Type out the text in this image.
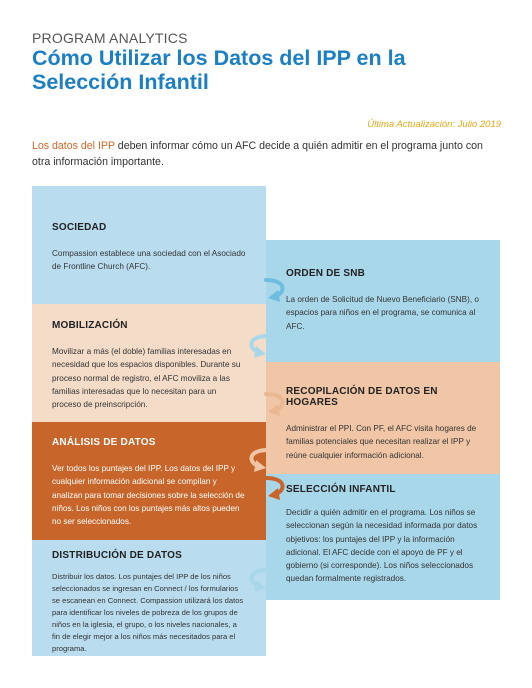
PROGRAM ANALYTICS
Cómo Utilizar los Datos del IPP en la Selección Infantil
Última Actualización: Julio 2019
Los datos del IPP deben informar cómo un AFC decide a quién admitir en el programa junto con otra información importante.
SOCIEDAD

Compassion establece una sociedad con el Asociado de Frontline Church (AFC).

ORDEN DE SNB

La orden de Solicitud de Nuevo Beneficiario (SNB), o espacios para niños en el programa, se comunica al AFC.

MOBILIZACIÓN

Movilizar a más (el doble) familias interesadas en necesidad que los espacios disponibles. Durante su proceso normal de registro, el AFC moviliza a las familias interesadas que lo necesitan para un proceso de preinscripción.

RECOPILACIÓN DE DATOS EN HOGARES

Administrar el PPI. Con PF, el AFC visita hogares de familias potenciales que necesitan realizar el IPP y reúne cualquier información adicional.

ANÁLISIS DE DATOS

Ver todos los puntajes del IPP. Los datos del IPP y cualquier información adicional se compilan y analizan para tomar decisiones sobre la selección de niños. Los niños con los puntajes más altos pueden no ser seleccionados.

SELECCIÓN INFANTIL

Decidir a quién admitir en el programa. Los niños se seleccionan según la necesidad informada por datos objetivos: los puntajes del IPP y la información adicional. El AFC decide con el apoyo de PF y el gobierno (si corresponde). Los niños seleccionados quedan formalmente registrados.

DISTRIBUCIÓN DE DATOS

Distribuir los datos. Los puntajes del IPP de los niños seleccionados se ingresan en Connect / los formularios se escanean en Connect. Compassion utilizará los datos para identificar los niveles de pobreza de los grupos de niños en la iglesia, el grupo, o los niveles nacionales, a fin de elegir mejor a los niños más necesitados para el programa.
